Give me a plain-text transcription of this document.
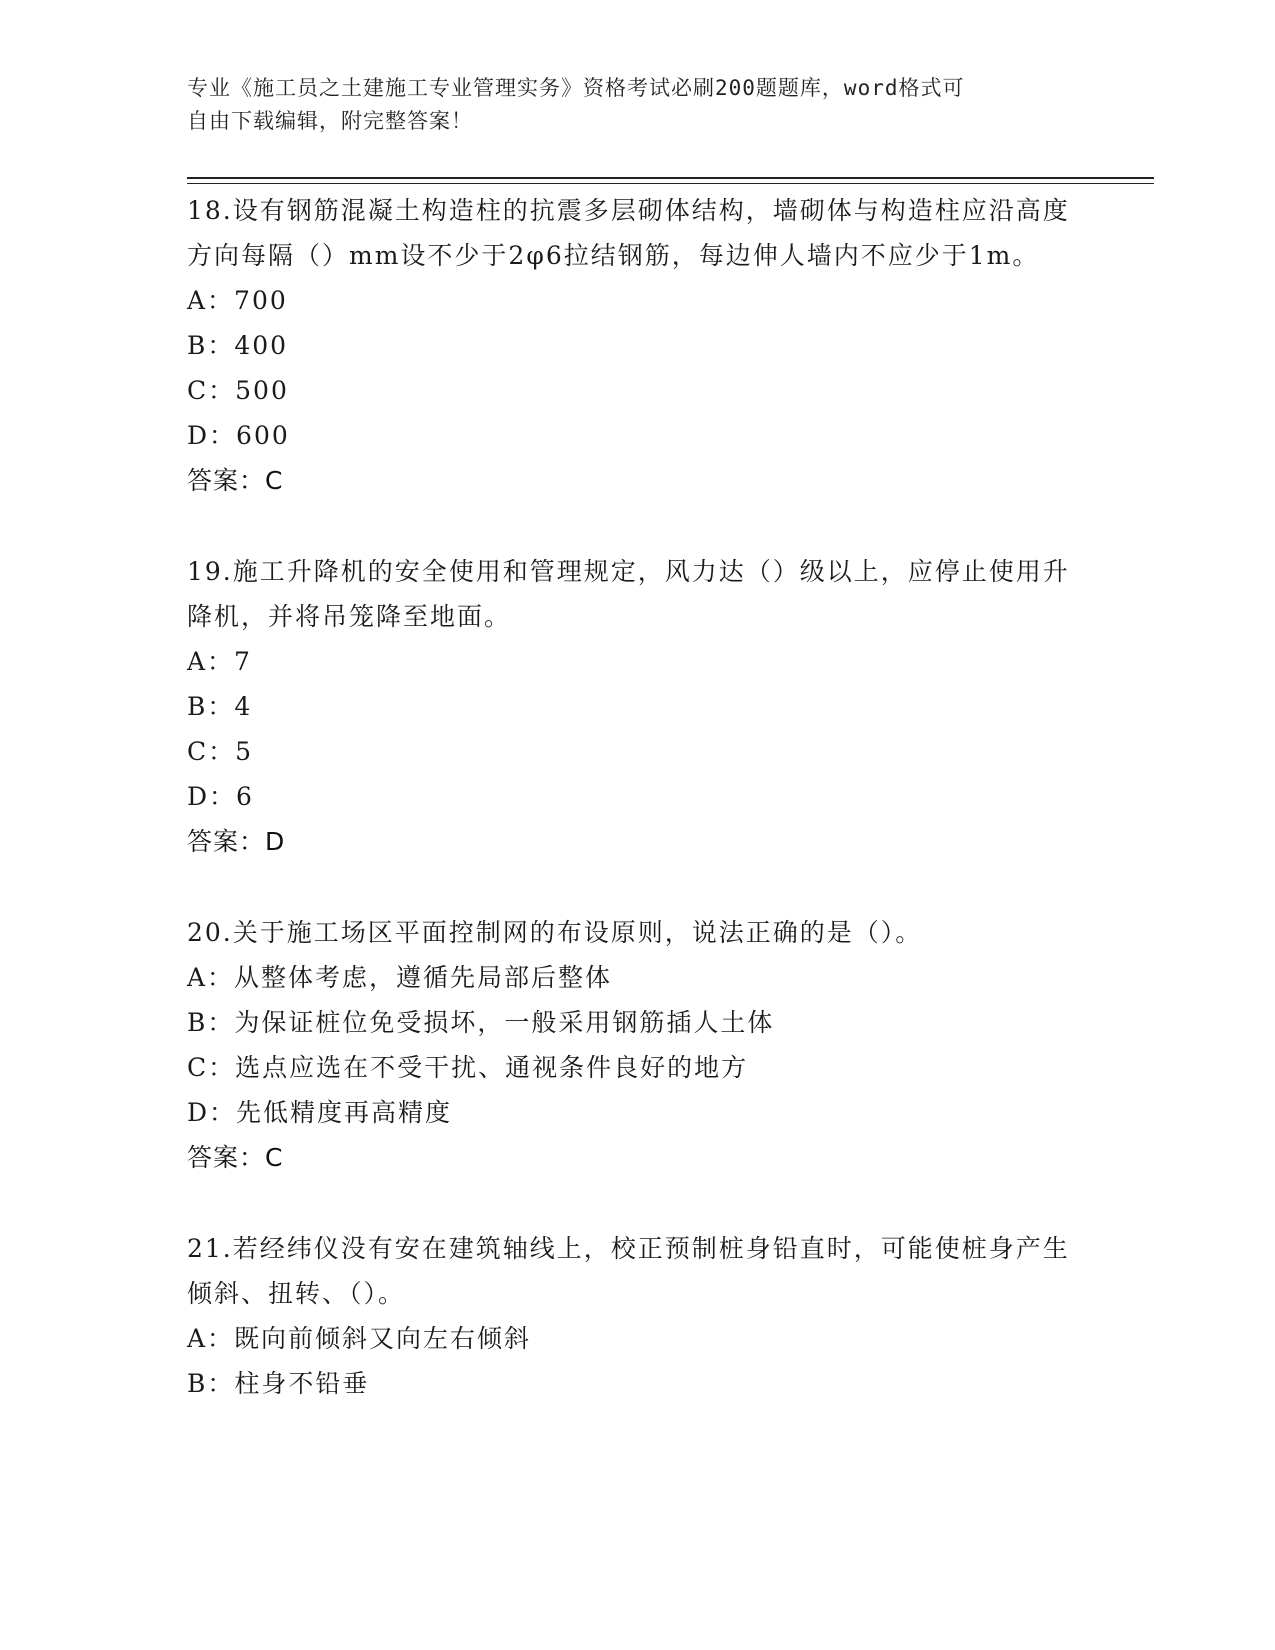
专业《施工员之土建施工专业管理实务》资格考试必刷200题题库，word格式可
自由下载编辑，附完整答案！

18.设有钢筋混凝土构造柱的抗震多层砌体结构，墙砌体与构造柱应沿高度方向每隔（）mm设不少于2φ6拉结钢筋，每边伸人墙内不应少于1m。

A：700

B：400

C：500

D：600

答案：C

19.施工升降机的安全使用和管理规定，风力达（）级以上，应停止使用升降机，并将吊笼降至地面。

A：7

B：4

C：5

D：6

答案：D

20.关于施工场区平面控制网的布设原则，说法正确的是（）。

A：从整体考虑，遵循先局部后整体

B：为保证桩位免受损坏，一般采用钢筋插人土体

C：选点应选在不受干扰、通视条件良好的地方

D：先低精度再高精度

答案：C

21.若经纬仪没有安在建筑轴线上，校正预制桩身铅直时，可能使桩身产生倾斜、扭转、（）。

A：既向前倾斜又向左右倾斜

B：柱身不铅垂
